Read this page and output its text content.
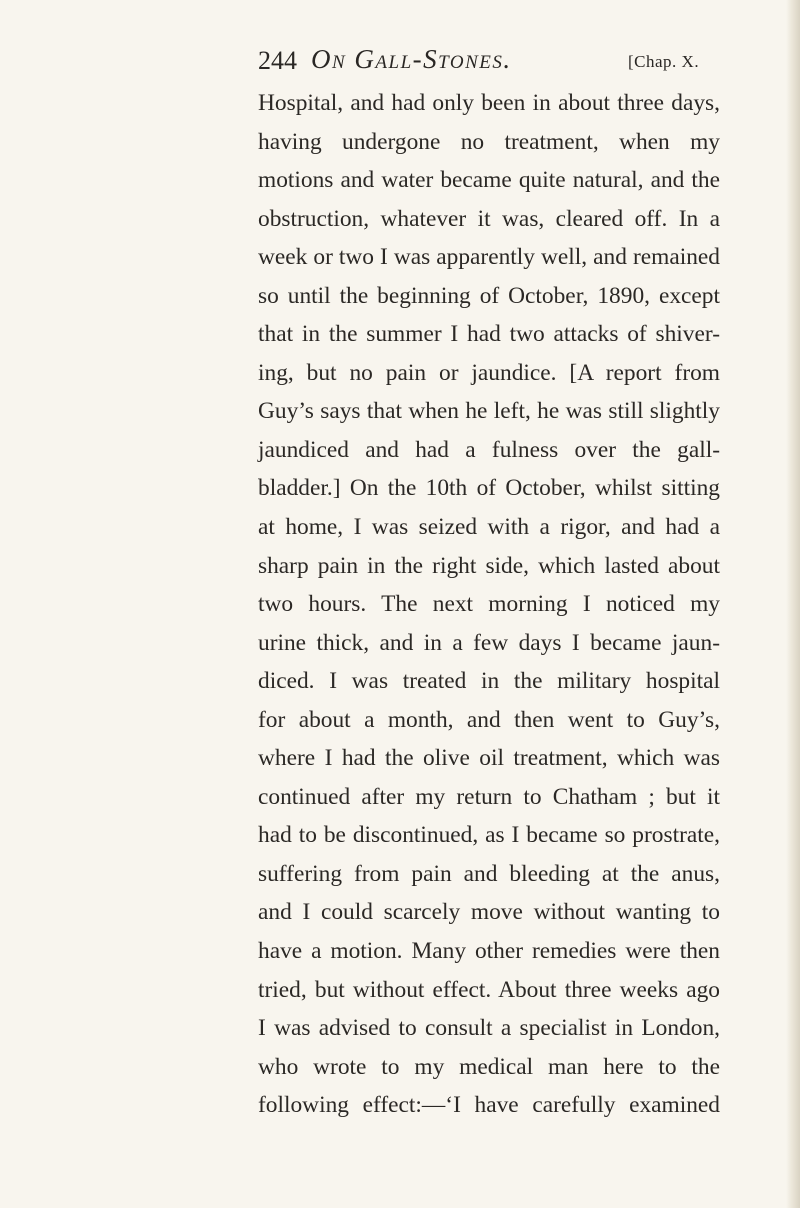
244 On Gall-Stones.	[Chap. X.
Hospital, and had only been in about three days,
having undergone no treatment, when my
motions and water became quite natural, and the
obstruction, whatever it was, cleared off. In a
week or two I was apparently well, and remained
so until the beginning of October, 1890, except
that in the summer I had two attacks of shiver-
ing, but no pain or jaundice. [A report from
Guy’s says that when he left, he was still slightly
jaundiced and had a fulness over the gall-
bladder.] On the 10th of October, whilst sitting
at home, I was seized with a rigor, and had a
sharp pain in the right side, which lasted about
two hours. The next morning I noticed my
urine thick, and in a few days I became jaun-
diced. I was treated in the military hospital
for about a month, and then went to Guy’s,
where I had the olive oil treatment, which was
continued after my return to Chatham ; but it
had to be discontinued, as I became so prostrate,
suffering from pain and bleeding at the anus,
and I could scarcely move without wanting to
have a motion. Many other remedies were then
tried, but without effect. About three weeks ago
I was advised to consult a specialist in London,
who wrote to my medical man here to the
following effect:—‘I have carefully examined
